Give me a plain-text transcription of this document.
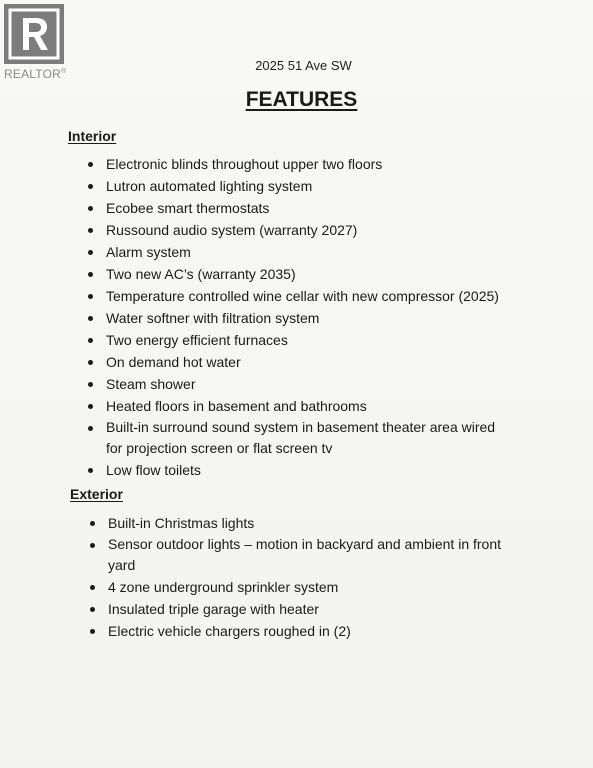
REALTOR®	2025 51 Ave SW
FEATURES
Interior
Electronic blinds throughout upper two floors
Lutron automated lighting system
Ecobee smart thermostats
Russound audio system (warranty 2027)
Alarm system
Two new AC’s (warranty 2035)
Temperature controlled wine cellar with new compressor (2025)
Water softner with filtration system
Two energy efficient furnaces
On demand hot water
Steam shower
Heated floors in basement and bathrooms
Built-in surround sound system in basement theater area wired
for projection screen or flat screen tv
Low flow toilets
Exterior
Built-in Christmas lights
Sensor outdoor lights – motion in backyard and ambient in front
yard
4 zone underground sprinkler system
Insulated triple garage with heater
Electric vehicle chargers roughed in (2)
